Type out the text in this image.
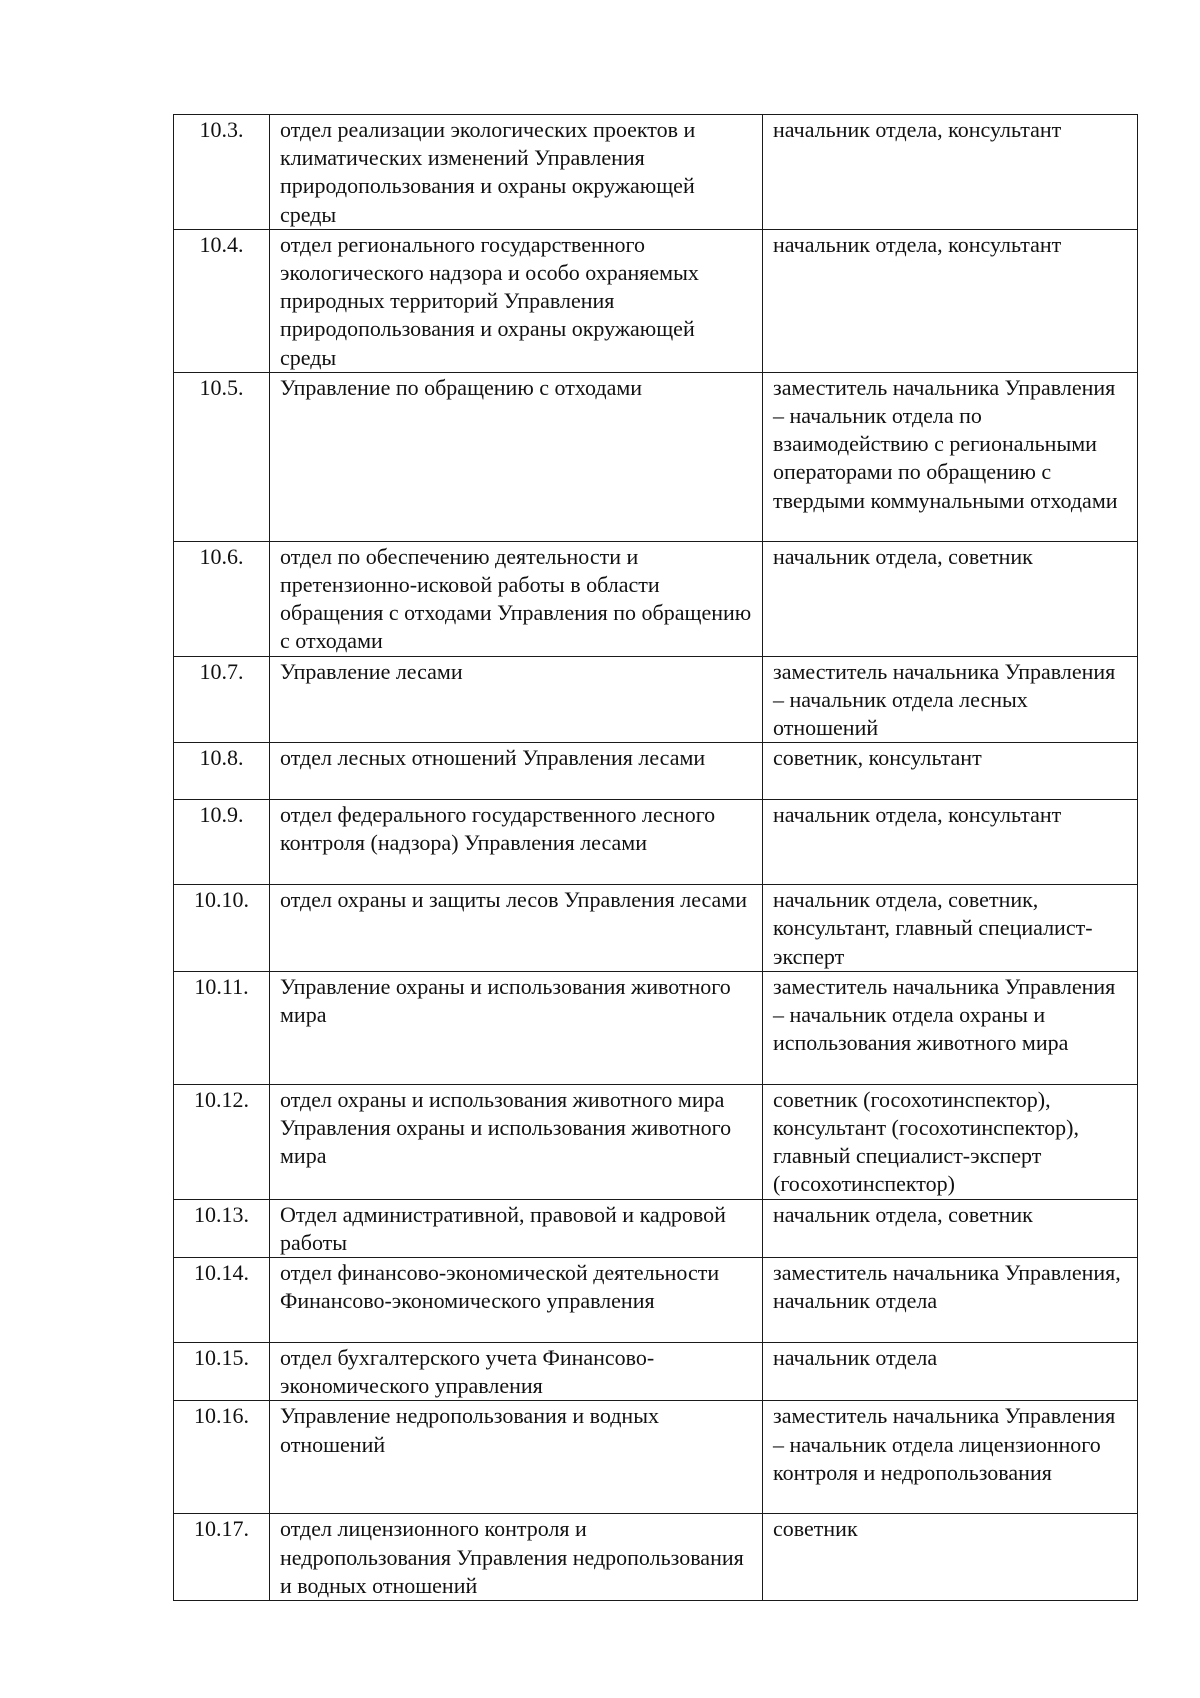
10.3.	отдел реализации экологических проектов и климатических изменений Управления природопользования и охраны окружающей среды	начальник отдела, консультант
10.4.	отдел регионального государственного экологического надзора и особо охраняемых природных территорий Управления природопользования и охраны окружающей среды	начальник отдела, консультант
10.5.	Управление по обращению с отходами	заместитель начальника Управления – начальник отдела по взаимодействию с региональными операторами по обращению с твердыми коммунальными отходами
10.6.	отдел по обеспечению деятельности и претензионно-исковой работы в области обращения с отходами Управления по обращению с отходами	начальник отдела, советник
10.7.	Управление лесами	заместитель начальника Управления – начальник отдела лесных отношений
10.8.	отдел лесных отношений Управления лесами	советник, консультант
10.9.	отдел федерального государственного лесного контроля (надзора) Управления лесами	начальник отдела, консультант
10.10.	отдел охраны и защиты лесов Управления лесами	начальник отдела, советник, консультант, главный специалист-эксперт
10.11.	Управление охраны и использования животного мира	заместитель начальника Управления – начальник отдела охраны и использования животного мира
10.12.	отдел охраны и использования животного мира Управления охраны и использования животного мира	советник (госохотинспектор), консультант (госохотинспектор), главный специалист-эксперт (госохотинспектор)
10.13.	Отдел административной, правовой и кадровой работы	начальник отдела, советник
10.14.	отдел финансово-экономической деятельности Финансово-экономического управления	заместитель начальника Управления, начальник отдела
10.15.	отдел бухгалтерского учета Финансово-экономического управления	начальник отдела
10.16.	Управление недропользования и водных отношений	заместитель начальника Управления – начальник отдела лицензионного контроля и недропользования
10.17.	отдел лицензионного контроля и недропользования Управления недропользования и водных отношений	советник
